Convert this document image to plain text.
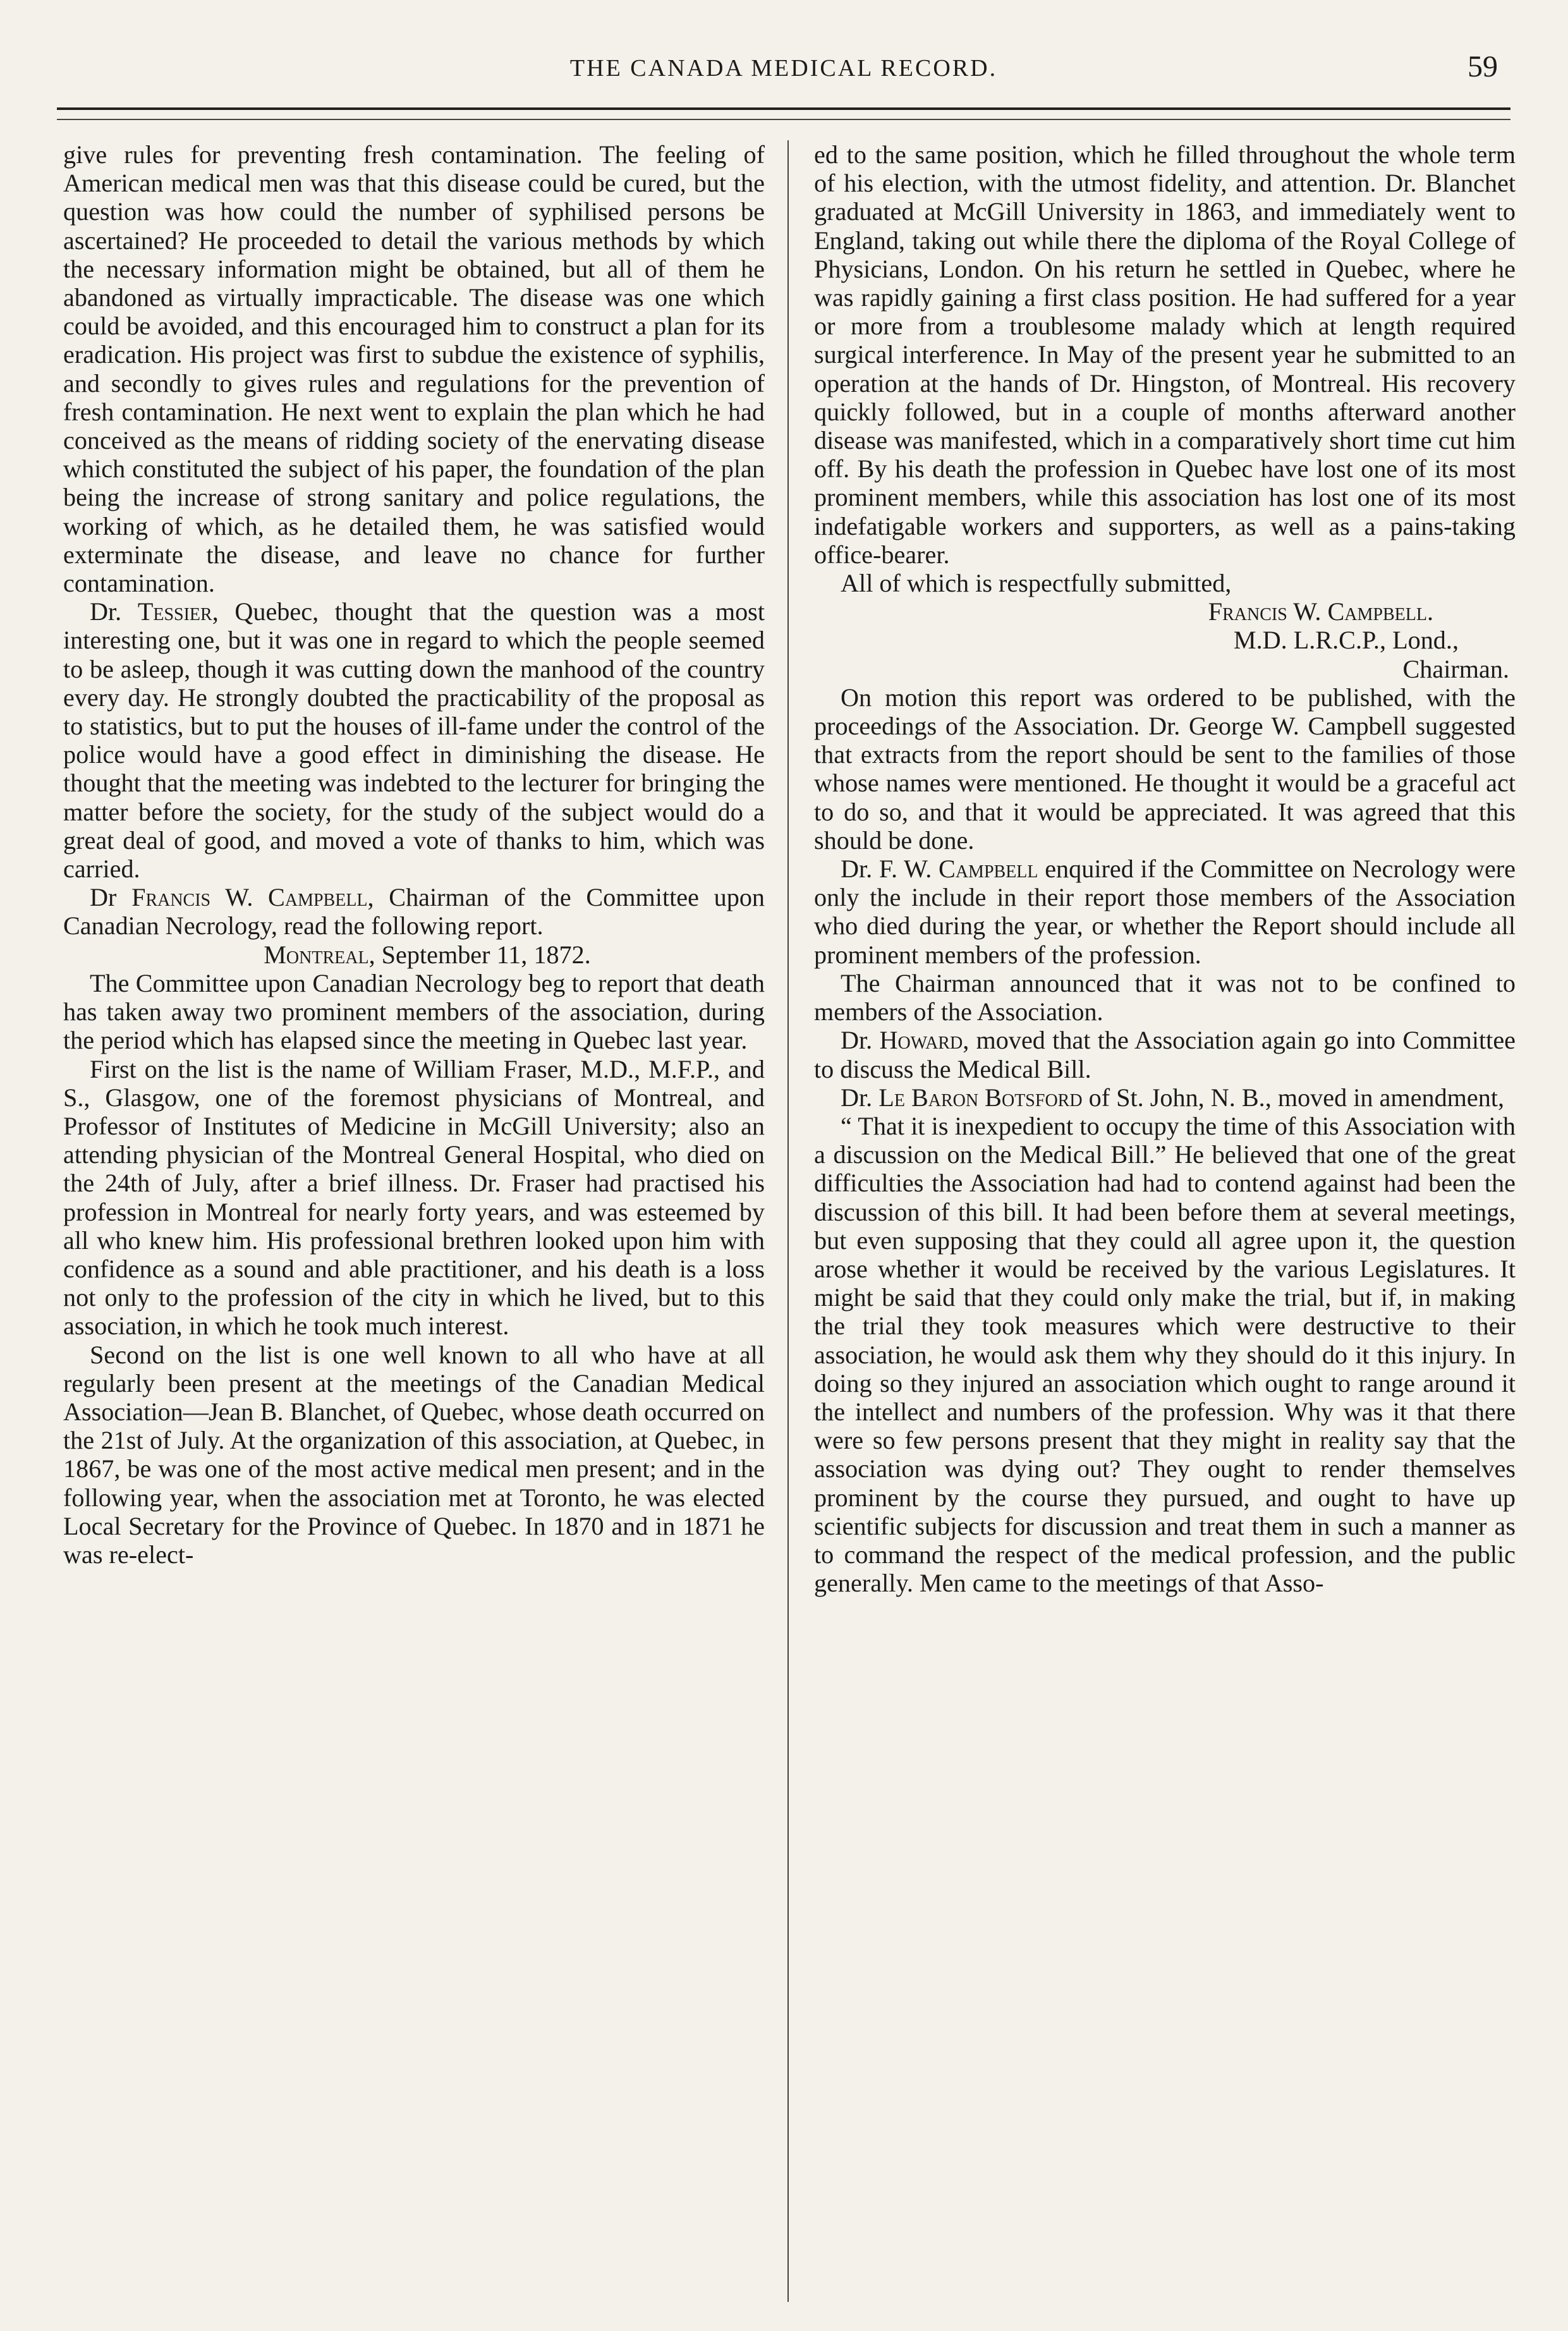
THE CANADA MEDICAL RECORD.	59

give rules for preventing fresh contamination. The feeling of American medical men was that this disease could be cured, but the question was how could the number of syphilised persons be ascertained? He proceeded to detail the various methods by which the necessary information might be obtained, but all of them he abandoned as virtually impracticable. The disease was one which could be avoided, and this encouraged him to construct a plan for its eradication. His project was first to subdue the existence of syphilis, and secondly to gives rules and regulations for the prevention of fresh contamination. He next went to explain the plan which he had conceived as the means of ridding society of the enervating disease which constituted the subject of his paper, the foundation of the plan being the increase of strong sanitary and police regulations, the working of which, as he detailed them, he was satisfied would exterminate the disease, and leave no chance for further contamination.

Dr. Tessier, Quebec, thought that the question was a most interesting one, but it was one in regard to which the people seemed to be asleep, though it was cutting down the manhood of the country every day. He strongly doubted the practicability of the proposal as to statistics, but to put the houses of ill-fame under the control of the police would have a good effect in diminishing the disease. He thought that the meeting was indebted to the lecturer for bringing the matter before the society, for the study of the subject would do a great deal of good, and moved a vote of thanks to him, which was carried.

Dr Francis W. Campbell, Chairman of the Committee upon Canadian Necrology, read the following report.

Montreal, September 11, 1872.

The Committee upon Canadian Necrology beg to report that death has taken away two prominent members of the association, during the period which has elapsed since the meeting in Quebec last year.

First on the list is the name of William Fraser, M.D., M.F.P., and S., Glasgow, one of the foremost physicians of Montreal, and Professor of Institutes of Medicine in McGill University; also an attending physician of the Montreal General Hospital, who died on the 24th of July, after a brief illness. Dr. Fraser had practised his profession in Montreal for nearly forty years, and was esteemed by all who knew him. His professional brethren looked upon him with confidence as a sound and able practitioner, and his death is a loss not only to the profession of the city in which he lived, but to this association, in which he took much interest.

Second on the list is one well known to all who have at all regularly been present at the meetings of the Canadian Medical Association—Jean B. Blanchet, of Quebec, whose death occurred on the 21st of July. At the organization of this association, at Quebec, in 1867, be was one of the most active medical men present; and in the following year, when the association met at Toronto, he was elected Local Secretary for the Province of Quebec. In 1870 and in 1871 he was re-elect-

ed to the same position, which he filled throughout the whole term of his election, with the utmost fidelity, and attention. Dr. Blanchet graduated at McGill University in 1863, and immediately went to England, taking out while there the diploma of the Royal College of Physicians, London. On his return he settled in Quebec, where he was rapidly gaining a first class position. He had suffered for a year or more from a troublesome malady which at length required surgical interference. In May of the present year he submitted to an operation at the hands of Dr. Hingston, of Montreal. His recovery quickly followed, but in a couple of months afterward another disease was manifested, which in a comparatively short time cut him off. By his death the profession in Quebec have lost one of its most prominent members, while this association has lost one of its most indefatigable workers and supporters, as well as a pains-taking office-bearer.

All of which is respectfully submitted,

Francis W. Campbell.

M.D. L.R.C.P., Lond.,

Chairman.

On motion this report was ordered to be published, with the proceedings of the Association. Dr. George W. Campbell suggested that extracts from the report should be sent to the families of those whose names were mentioned. He thought it would be a graceful act to do so, and that it would be appreciated. It was agreed that this should be done.

Dr. F. W. Campbell enquired if the Committee on Necrology were only the include in their report those members of the Association who died during the year, or whether the Report should include all prominent members of the profession.

The Chairman announced that it was not to be confined to members of the Association.

Dr. Howard, moved that the Association again go into Committee to discuss the Medical Bill.

Dr. Le Baron Botsford of St. John, N. B., moved in amendment,

“ That it is inexpedient to occupy the time of this Association with a discussion on the Medical Bill.” He believed that one of the great difficulties the Association had had to contend against had been the discussion of this bill. It had been before them at several meetings, but even supposing that they could all agree upon it, the question arose whether it would be received by the various Legislatures. It might be said that they could only make the trial, but if, in making the trial they took measures which were destructive to their association, he would ask them why they should do it this injury. In doing so they injured an association which ought to range around it the intellect and numbers of the profession. Why was it that there were so few persons present that they might in reality say that the association was dying out? They ought to render themselves prominent by the course they pursued, and ought to have up scientific subjects for discussion and treat them in such a manner as to command the respect of the medical profession, and the public generally. Men came to the meetings of that Asso-
